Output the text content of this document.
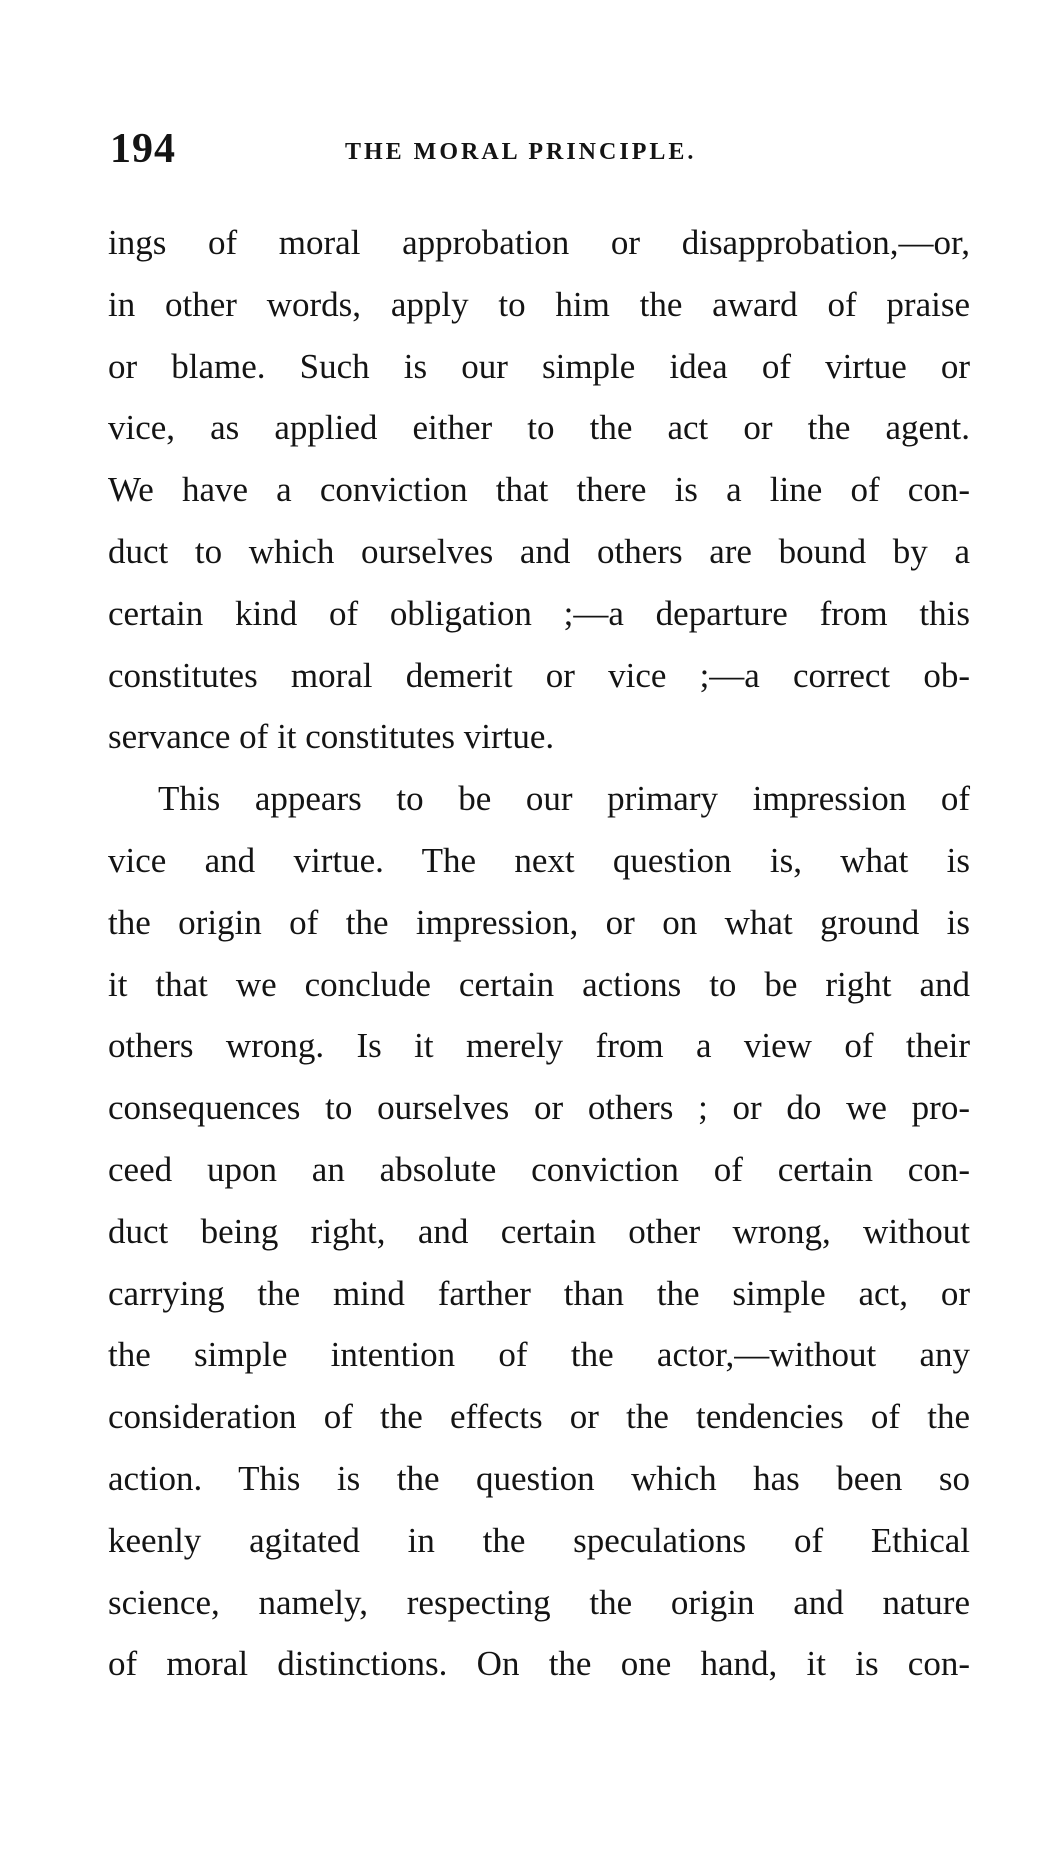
194	THE MORAL PRINCIPLE.
ings of moral approbation or disapprobation,—or,
in other words, apply to him the award of praise
or blame. Such is our simple idea of virtue or
vice, as applied either to the act or the agent.
We have a conviction that there is a line of con-
duct to which ourselves and others are bound by a
certain kind of obligation ;—a departure from this
constitutes moral demerit or vice ;—a correct ob-
servance of it constitutes virtue.
This appears to be our primary impression of
vice and virtue. The next question is, what is
the origin of the impression, or on what ground is
it that we conclude certain actions to be right and
others wrong. Is it merely from a view of their
consequences to ourselves or others ; or do we pro-
ceed upon an absolute conviction of certain con-
duct being right, and certain other wrong, without
carrying the mind farther than the simple act, or
the simple intention of the actor,—without any
consideration of the effects or the tendencies of the
action. This is the question which has been so
keenly agitated in the speculations of Ethical
science, namely, respecting the origin and nature
of moral distinctions. On the one hand, it is con-
